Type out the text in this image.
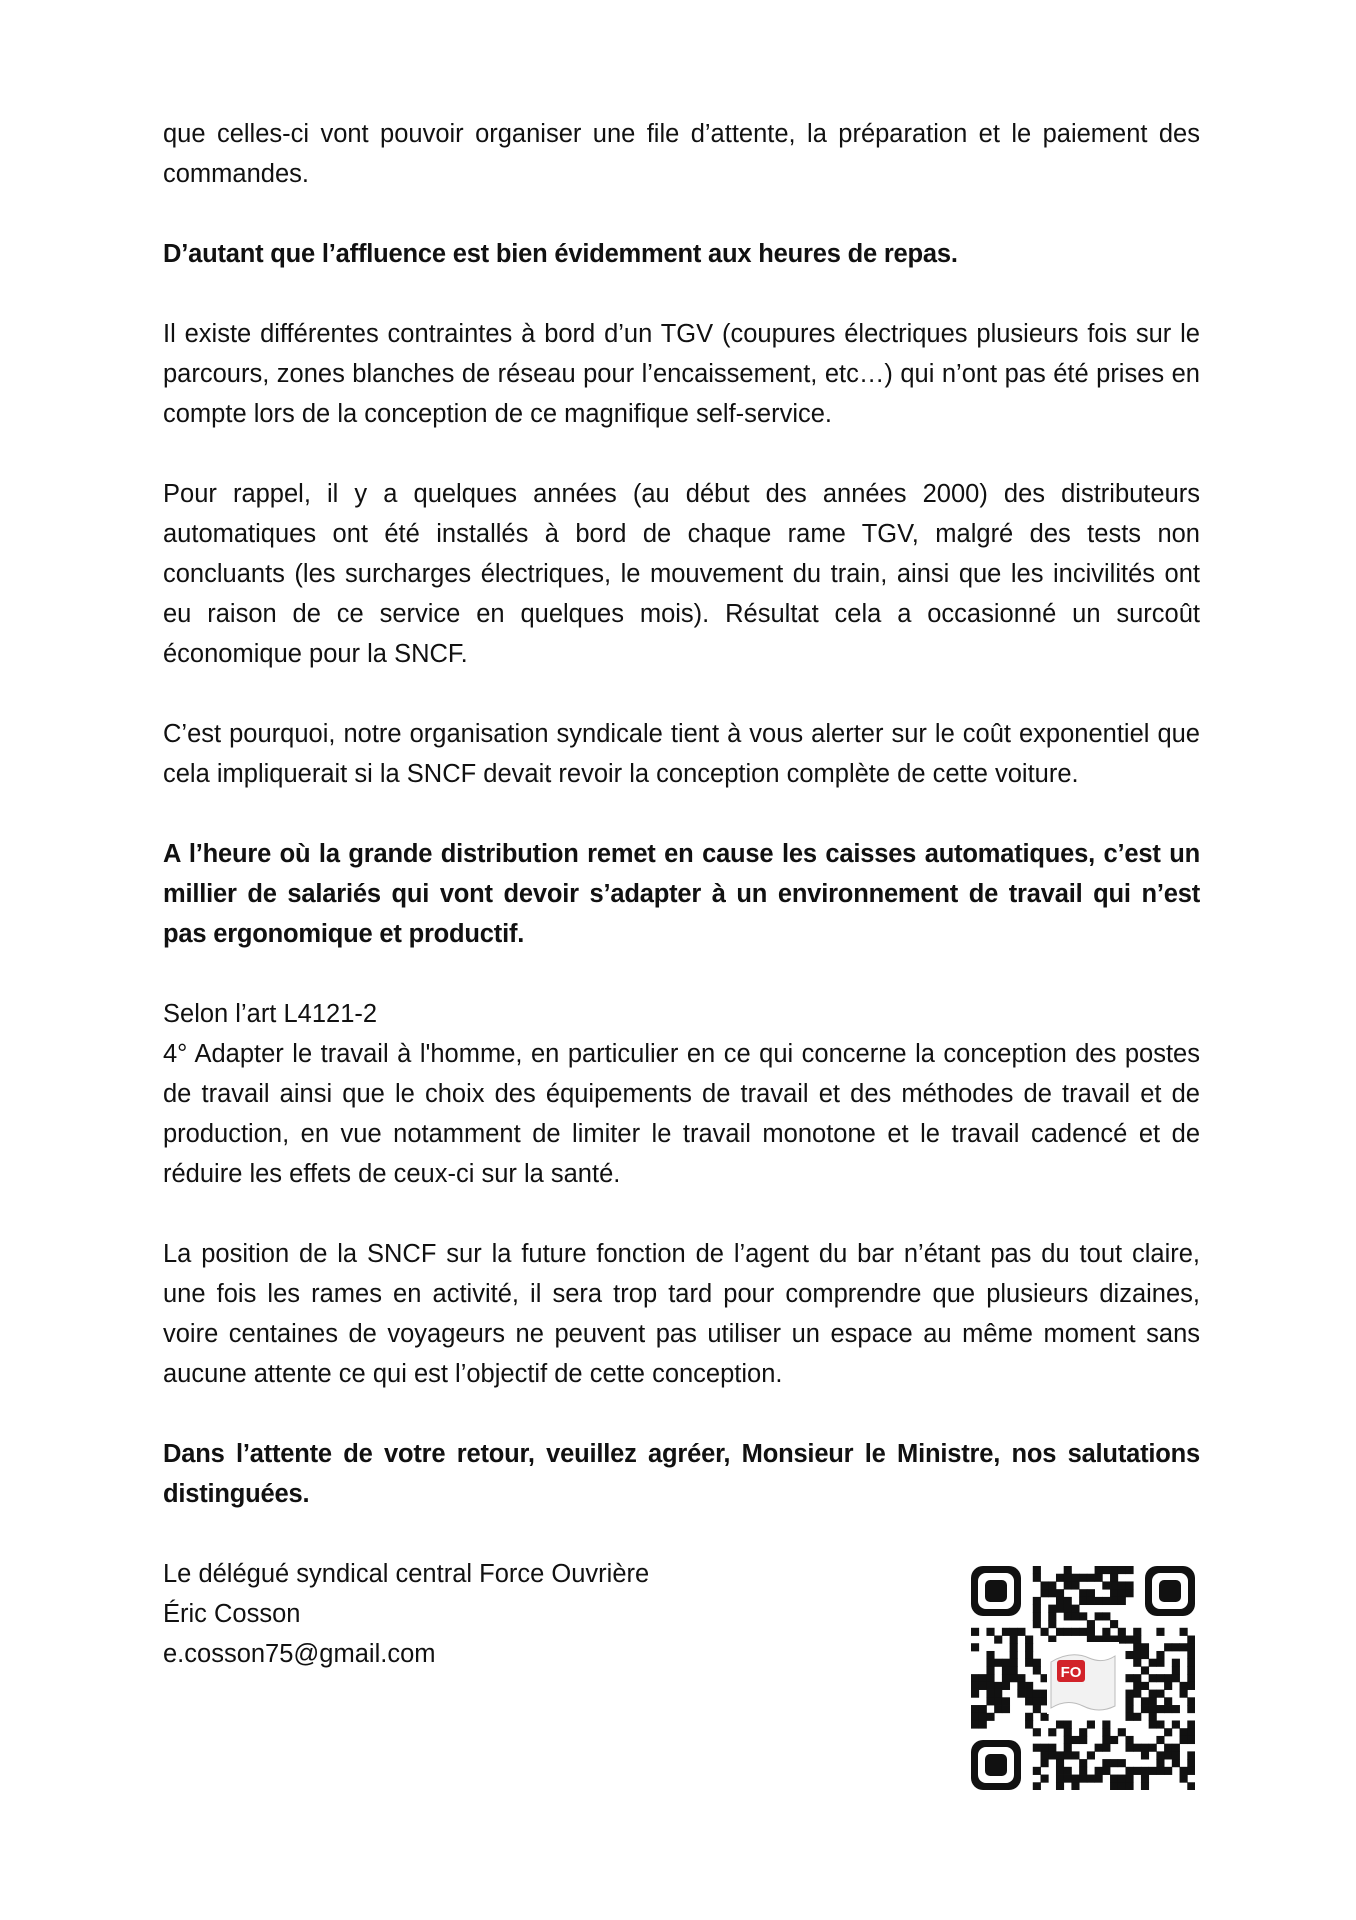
que celles-ci vont pouvoir organiser une file d’attente, la préparation et le paiement des commandes.

D’autant que l’affluence est bien évidemment aux heures de repas.

Il existe différentes contraintes à bord d’un TGV (coupures électriques plusieurs fois sur le parcours, zones blanches de réseau pour l’encaissement, etc…) qui n’ont pas été prises en compte lors de la conception de ce magnifique self-service.

Pour rappel, il y a quelques années (au début des années 2000) des distributeurs automatiques ont été installés à bord de chaque rame TGV, malgré des tests non concluants (les surcharges électriques, le mouvement du train, ainsi que les incivilités ont eu raison de ce service en quelques mois). Résultat cela a occasionné un surcoût économique pour la SNCF.

C’est pourquoi, notre organisation syndicale tient à vous alerter sur le coût exponentiel que cela impliquerait si la SNCF devait revoir la conception complète de cette voiture.

A l’heure où la grande distribution remet en cause les caisses automatiques, c’est un millier de salariés qui vont devoir s’adapter à un environnement de travail qui n’est pas ergonomique et productif.

Selon l’art L4121-2
4° Adapter le travail à l'homme, en particulier en ce qui concerne la conception des postes de travail ainsi que le choix des équipements de travail et des méthodes de travail et de production, en vue notamment de limiter le travail monotone et le travail cadencé et de réduire les effets de ceux-ci sur la santé.

La position de la SNCF sur la future fonction de l’agent du bar n’étant pas du tout claire, une fois les rames en activité, il sera trop tard pour comprendre que plusieurs dizaines, voire centaines de voyageurs ne peuvent pas utiliser un espace au même moment sans aucune attente ce qui est l’objectif de cette conception.

Dans l’attente de votre retour, veuillez agréer, Monsieur le Ministre, nos salutations distinguées.

Le délégué syndical central Force Ouvrière
Éric Cosson
e.cosson75@gmail.com

FO
